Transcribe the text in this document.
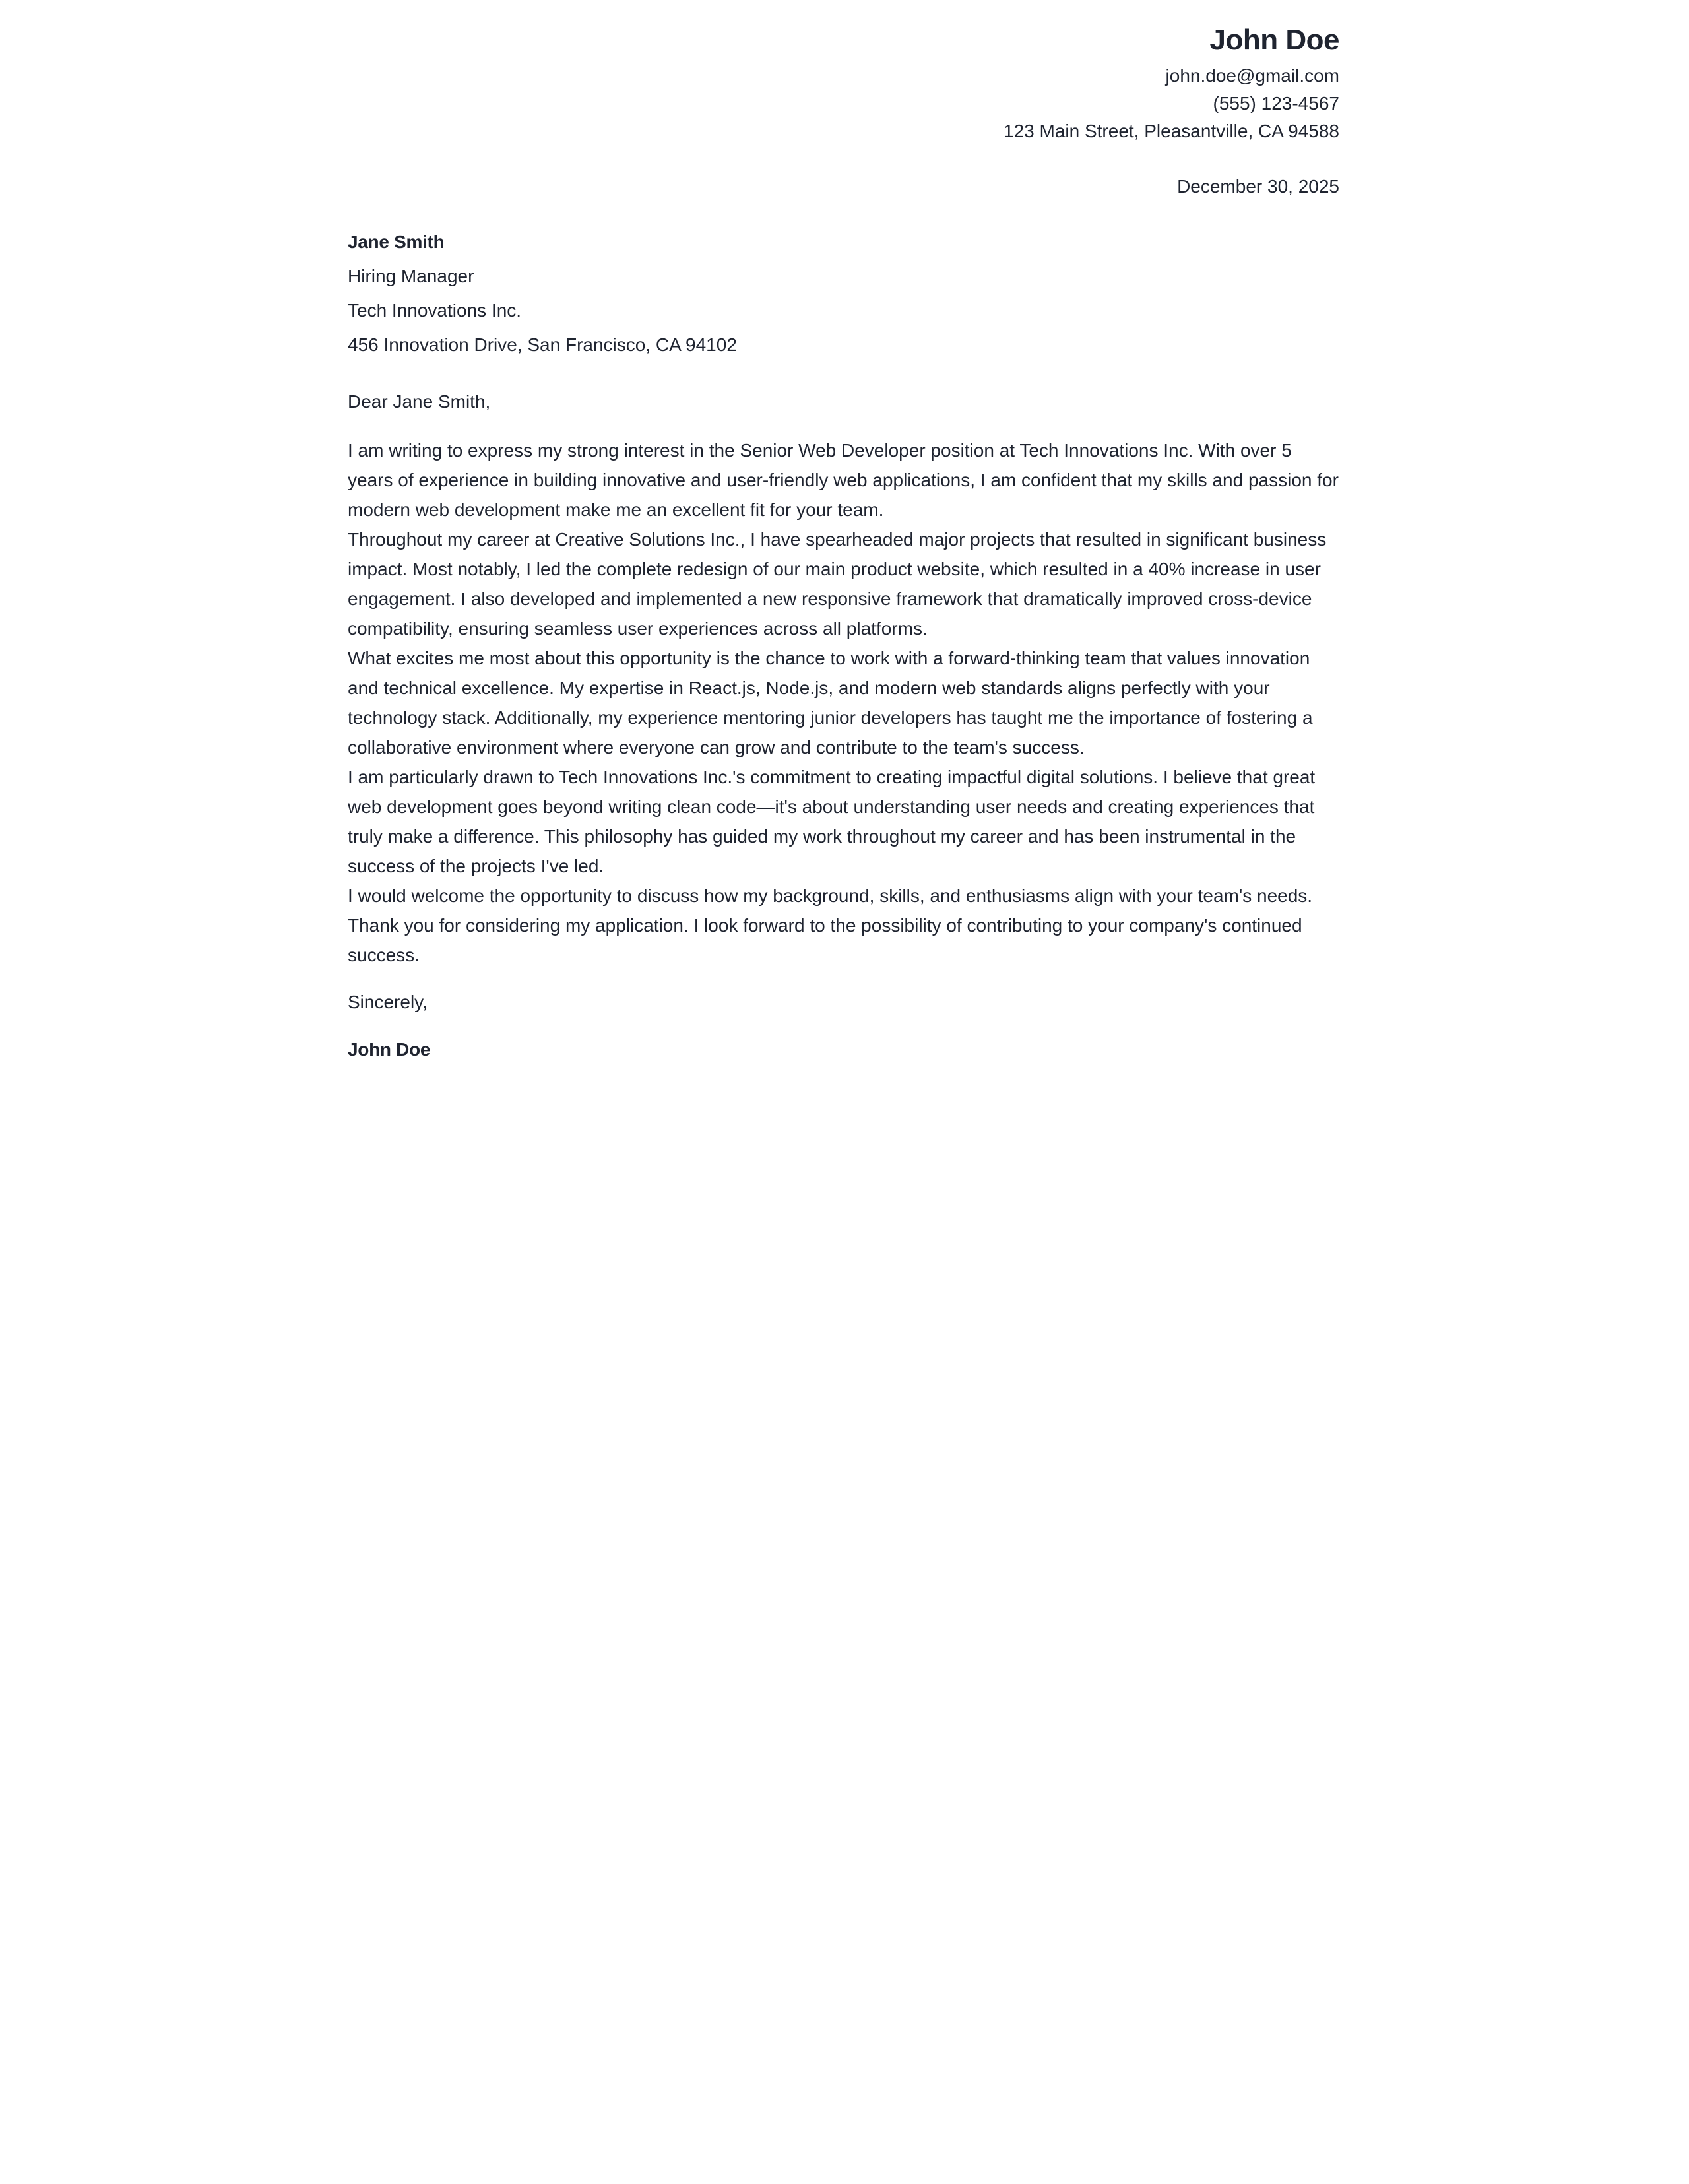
John Doe
john.doe@gmail.com
(555) 123-4567
123 Main Street, Pleasantville, CA 94588
December 30, 2025
Jane Smith
Hiring Manager
Tech Innovations Inc.
456 Innovation Drive, San Francisco, CA 94102
Dear Jane Smith,

I am writing to express my strong interest in the Senior Web Developer position at Tech Innovations Inc. With over 5 years of experience in building innovative and user-friendly web applications, I am confident that my skills and passion for modern web development make me an excellent fit for your team.

Throughout my career at Creative Solutions Inc., I have spearheaded major projects that resulted in significant business impact. Most notably, I led the complete redesign of our main product website, which resulted in a 40% increase in user engagement. I also developed and implemented a new responsive framework that dramatically improved cross-device compatibility, ensuring seamless user experiences across all platforms.

What excites me most about this opportunity is the chance to work with a forward-thinking team that values innovation and technical excellence. My expertise in React.js, Node.js, and modern web standards aligns perfectly with your technology stack. Additionally, my experience mentoring junior developers has taught me the importance of fostering a collaborative environment where everyone can grow and contribute to the team's success.

I am particularly drawn to Tech Innovations Inc.'s commitment to creating impactful digital solutions. I believe that great web development goes beyond writing clean code—it's about understanding user needs and creating experiences that truly make a difference. This philosophy has guided my work throughout my career and has been instrumental in the success of the projects I've led.

I would welcome the opportunity to discuss how my background, skills, and enthusiasms align with your team's needs. Thank you for considering my application. I look forward to the possibility of contributing to your company's continued success.

Sincerely,
John Doe
